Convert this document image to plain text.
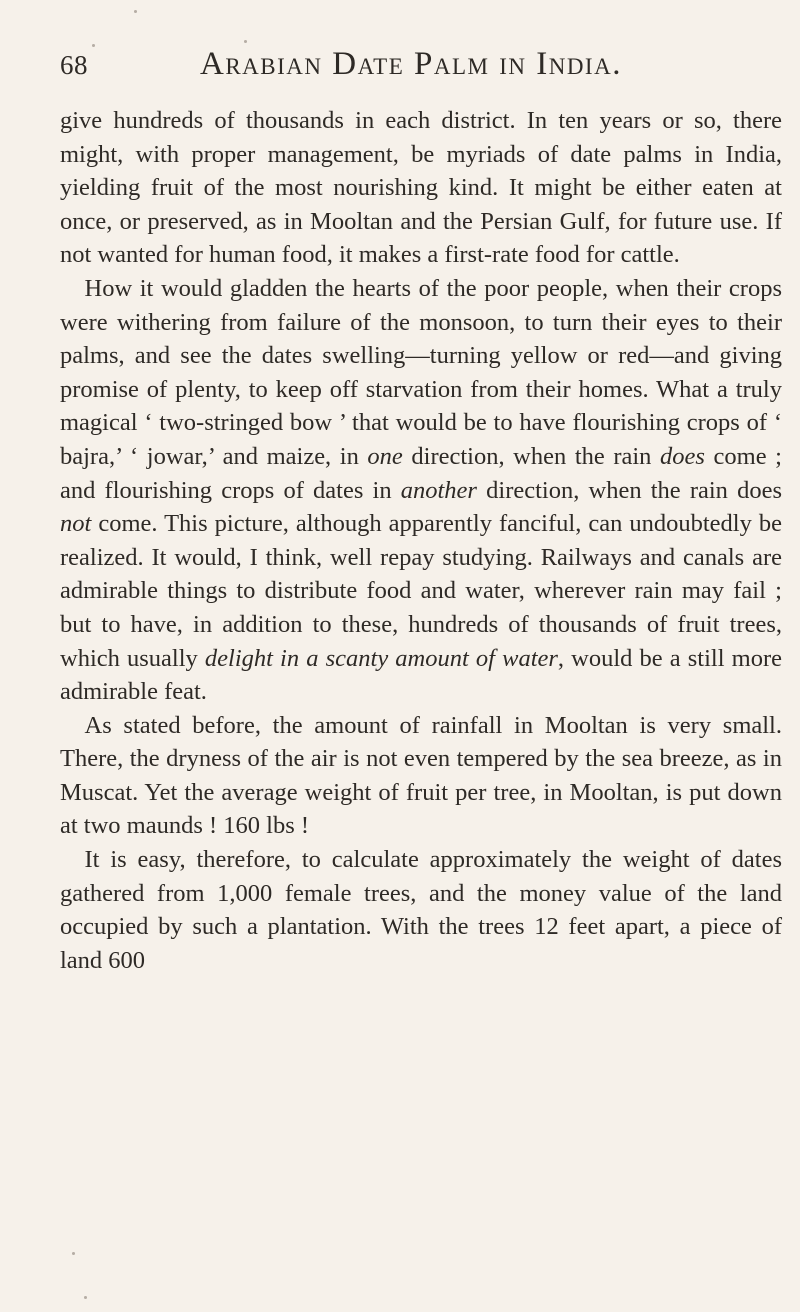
68	Arabian Date Palm in India.

give hundreds of thousands in each district. In ten years or so, there might, with proper management, be myriads of date palms in India, yielding fruit of the most nourishing kind. It might be either eaten at once, or preserved, as in Mooltan and the Persian Gulf, for future use. If not wanted for human food, it makes a first-rate food for cattle.

How it would gladden the hearts of the poor people, when their crops were withering from failure of the monsoon, to turn their eyes to their palms, and see the dates swelling—turning yellow or red—and giving promise of plenty, to keep off starvation from their homes. What a truly magical ‘ two-stringed bow ’ that would be to have flourishing crops of ‘ bajra,’ ‘ jowar,’ and maize, in one direction, when the rain does come ; and flourishing crops of dates in another direction, when the rain does not come. This picture, although apparently fanciful, can undoubtedly be realized. It would, I think, well repay studying. Railways and canals are admirable things to distribute food and water, wherever rain may fail ; but to have, in addition to these, hundreds of thousands of fruit trees, which usually delight in a scanty amount of water, would be a still more admirable feat.

As stated before, the amount of rainfall in Mooltan is very small. There, the dryness of the air is not even tempered by the sea breeze, as in Muscat. Yet the average weight of fruit per tree, in Mooltan, is put down at two maunds ! 160 lbs !

It is easy, therefore, to calculate approximately the weight of dates gathered from 1,000 female trees, and the money value of the land occupied by such a plantation. With the trees 12 feet apart, a piece of land 600
